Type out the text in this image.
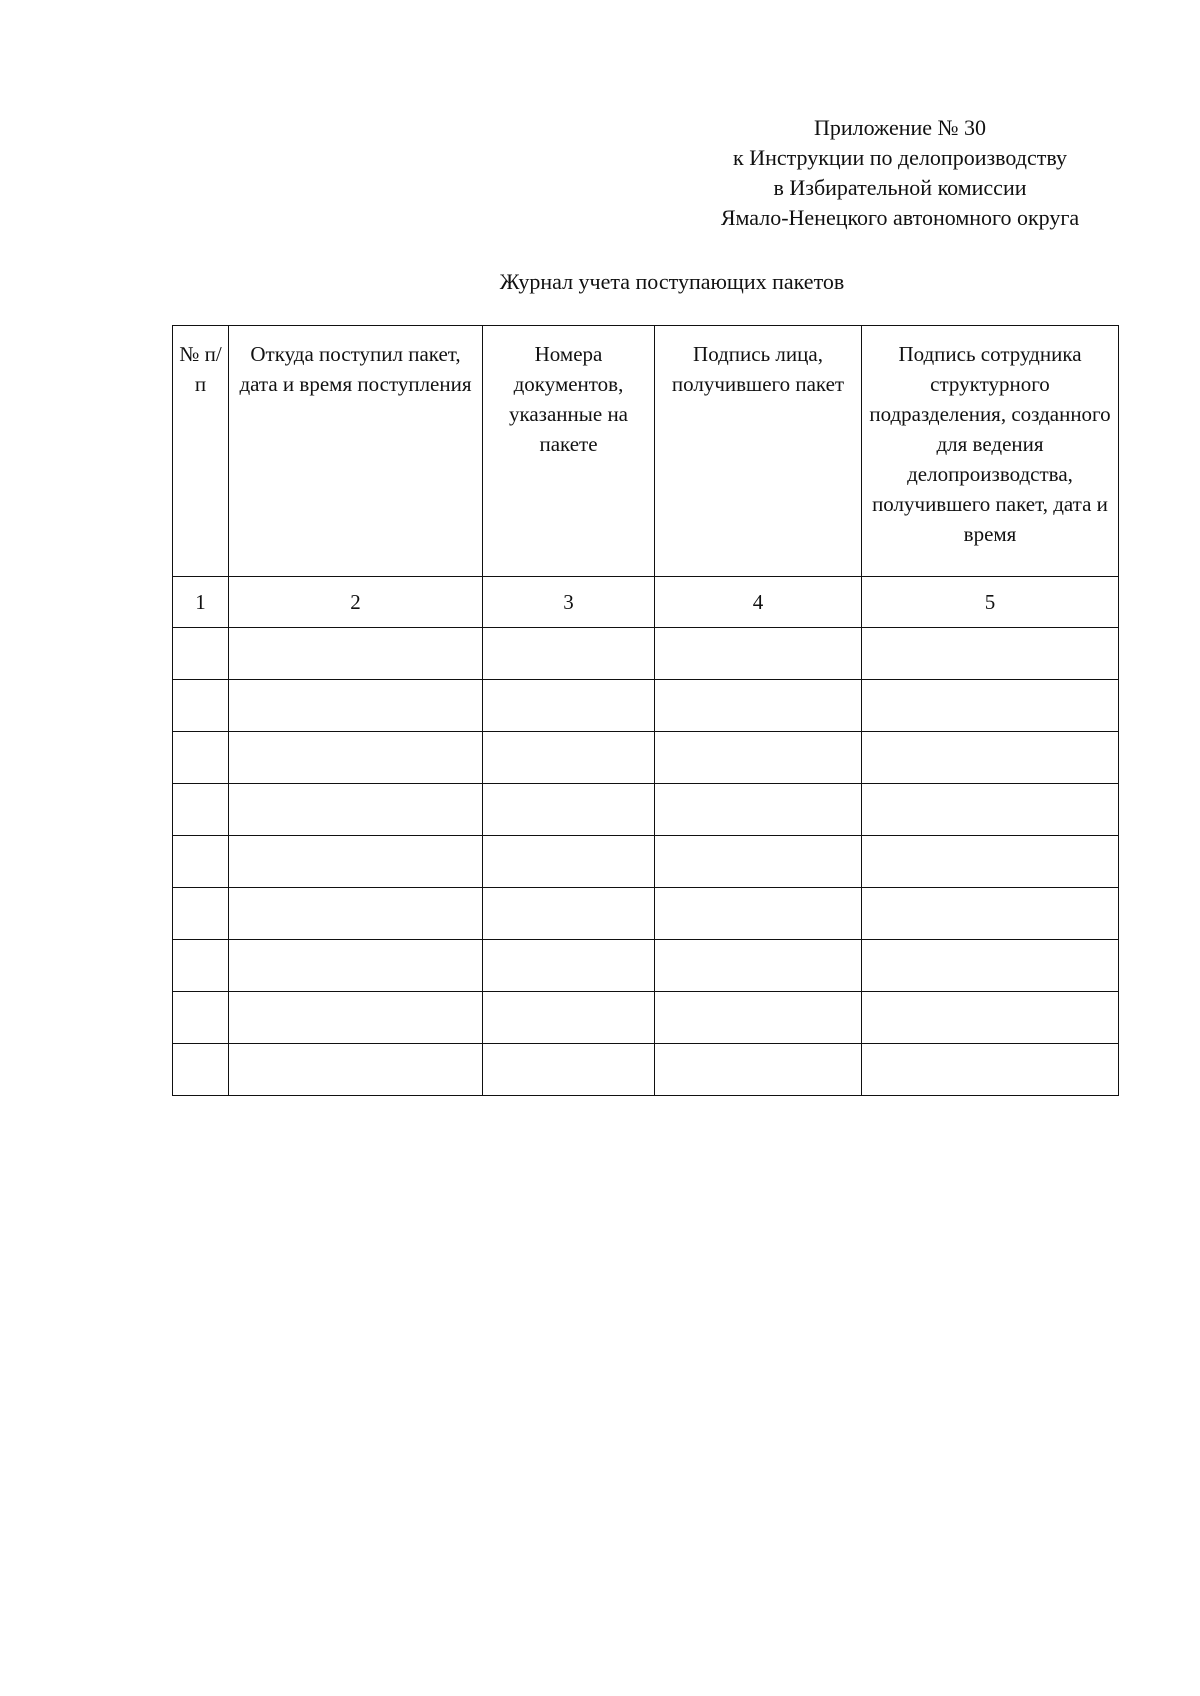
Приложение № 30
к Инструкции по делопроизводству
в Избирательной комиссии
Ямало-Ненецкого автономного округа
Журнал учета поступающих пакетов
№ п/п	Откуда поступил пакет, дата и время поступления	Номера документов, указанные на пакете	Подпись лица, получившего пакет	Подпись сотрудника структурного подразделения, созданного для ведения делопроизводства, получившего пакет, дата и время
1	2	3	4	5
